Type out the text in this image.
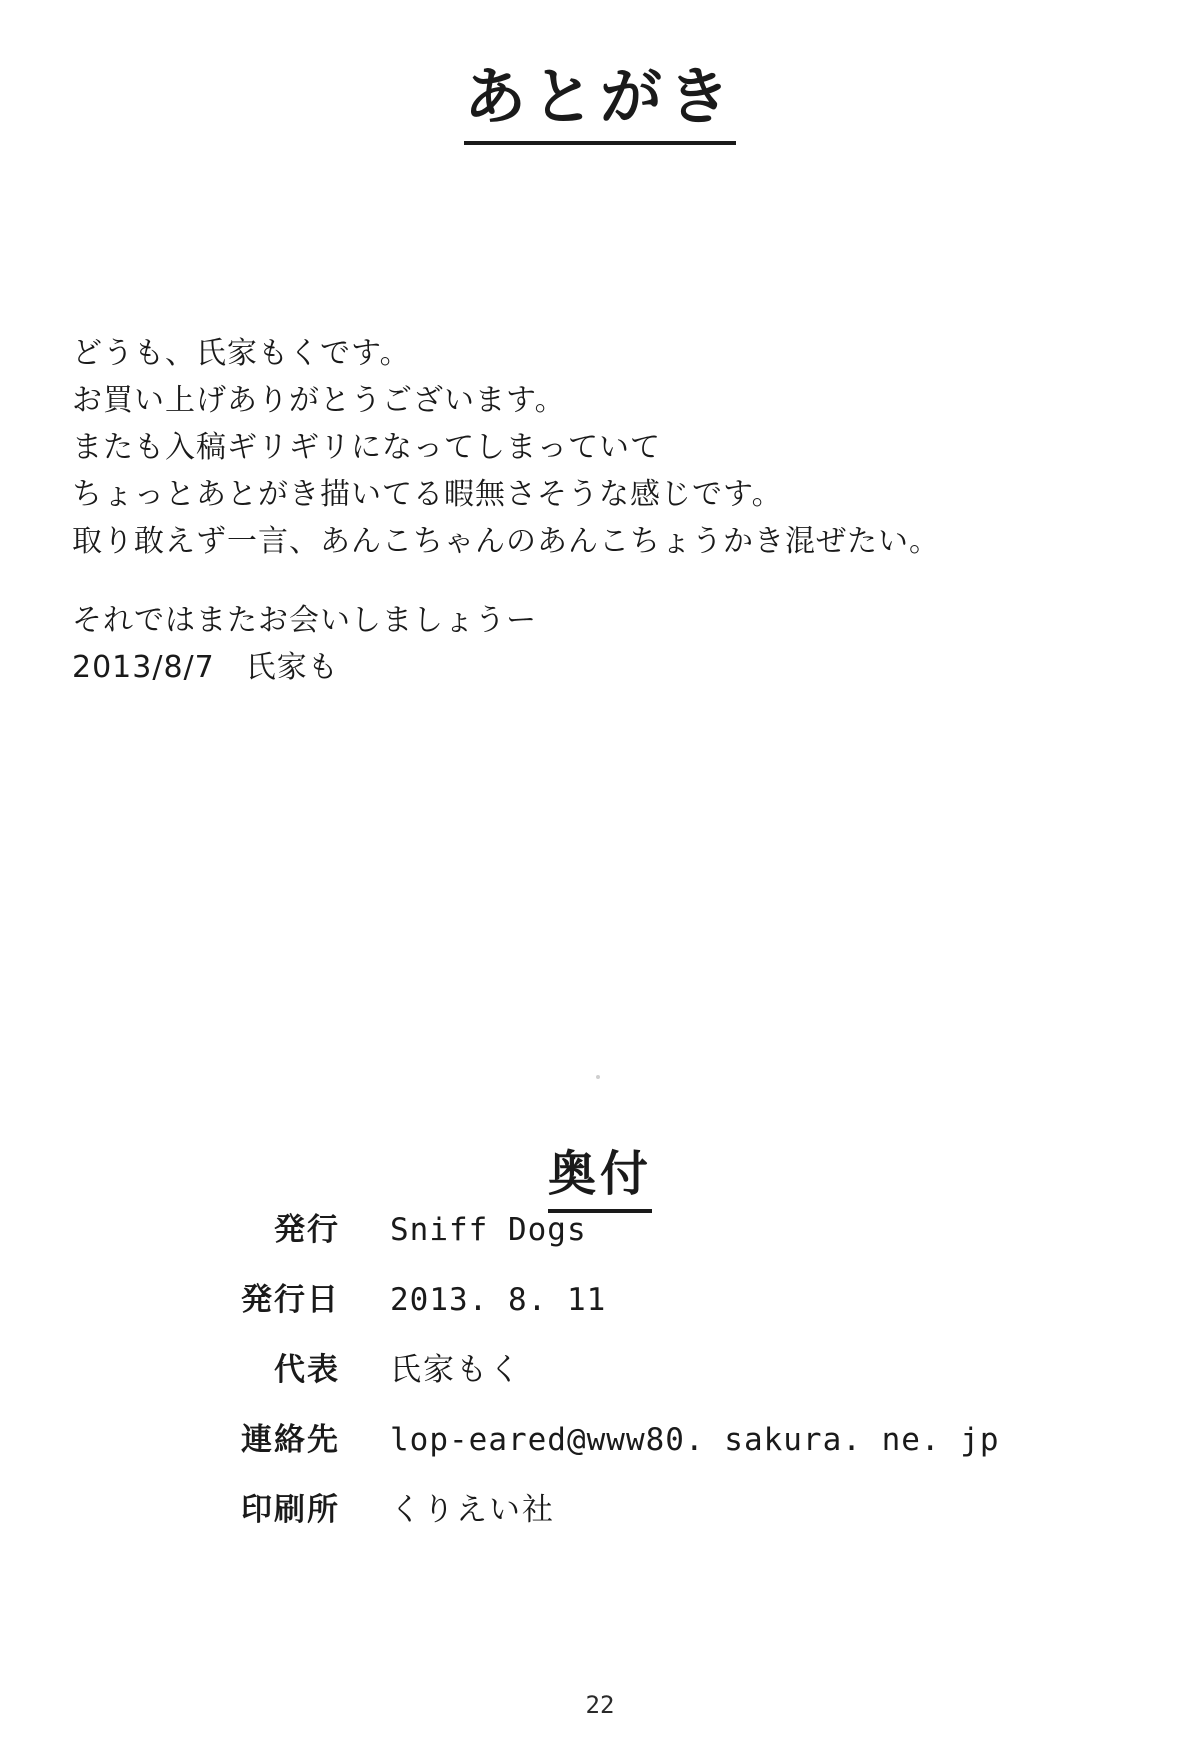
あとがき
どうも、氏家もくです。
お買い上げありがとうございます。
またも入稿ギリギリになってしまっていて
ちょっとあとがき描いてる暇無さそうな感じです。
取り敢えず一言、あんこちゃんのあんこちょうかき混ぜたい。
それではまたお会いしましょうー
2013/8/7　氏家も
奥付
発行	Sniff Dogs
発行日	2013. 8. 11
代表	氏家もく
連絡先	lop-eared@www80. sakura. ne. jp
印刷所	くりえい社
22
